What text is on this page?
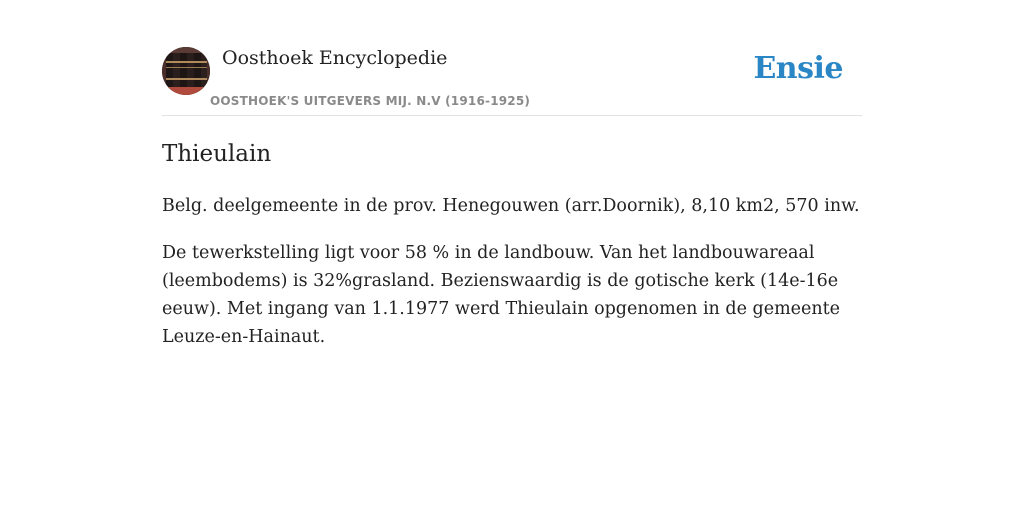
Oosthoek Encyclopedie
OOSTHOEK'S UITGEVERS MIJ. N.V (1916-1925)
Ensie
Thieulain

Belg. deelgemeente in de prov. Henegouwen (arr.Doornik), 8,10 km2, 570 inw.

De tewerkstelling ligt voor 58 % in de landbouw. Van het landbouwareaal (leembodems) is 32%grasland. Bezienswaardig is de gotische kerk (14e-16e eeuw). Met ingang van 1.1.1977 werd Thieulain opgenomen in de gemeente Leuze-en-Hainaut.
